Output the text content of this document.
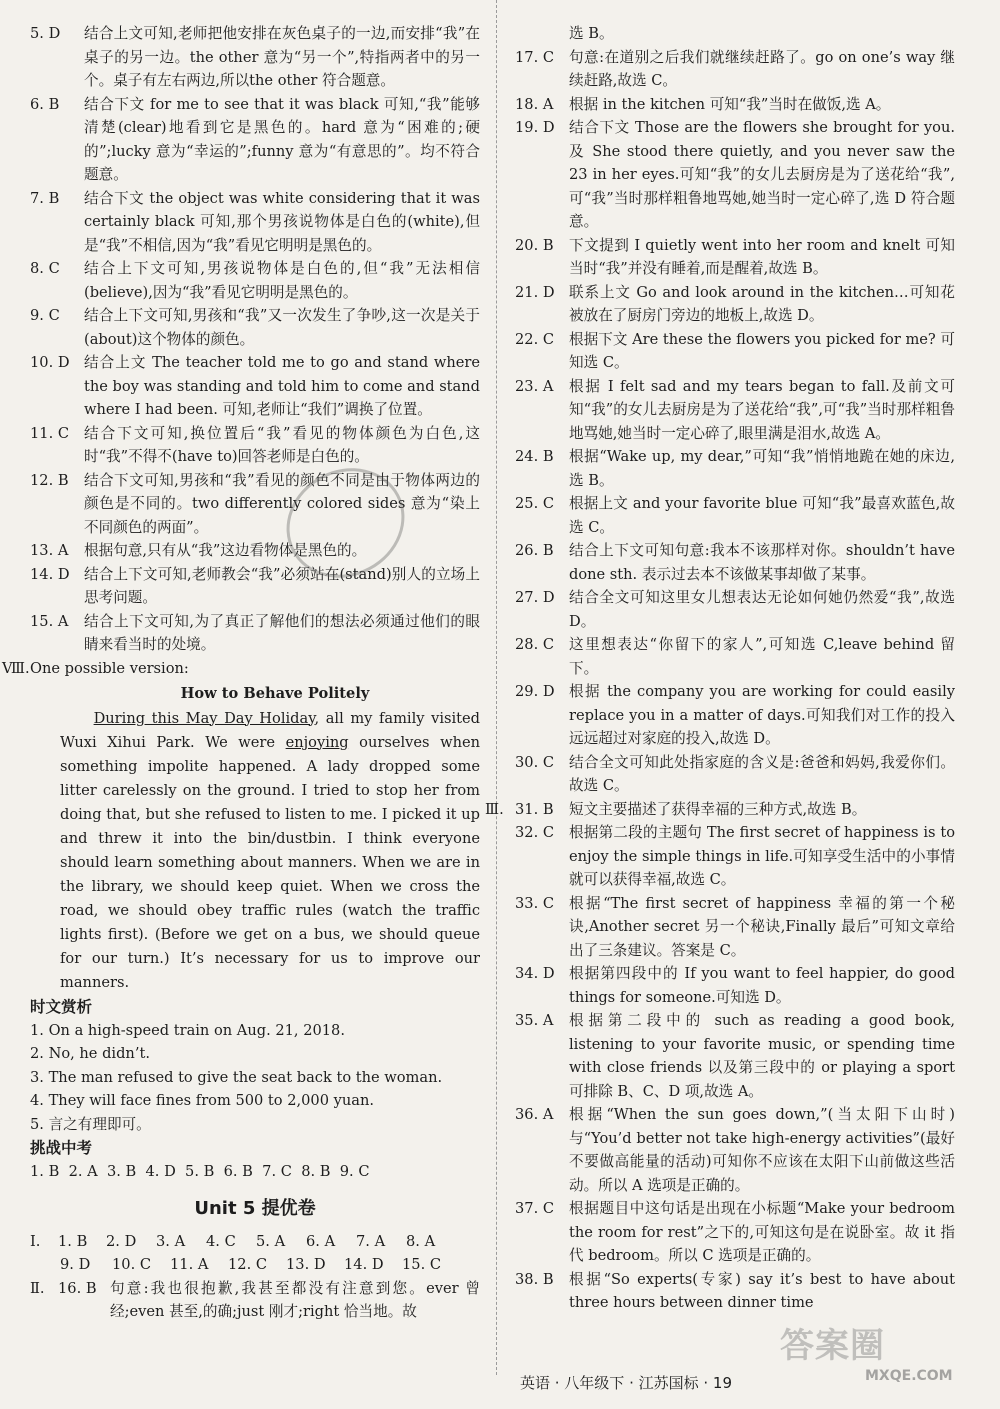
5. D	结合上文可知,老师把他安排在灰色桌子的一边,而安排“我”在桌子的另一边。the other 意为“另一个”,特指两者中的另一个。桌子有左右两边,所以the other 符合题意。
6. B	结合下文 for me to see that it was black 可知,“我”能够清楚(clear)地看到它是黑色的。hard 意为“困难的;硬的”;lucky 意为“幸运的”;funny 意为“有意思的”。均不符合题意。
7. B	结合下文 the object was white considering that it was certainly black 可知,那个男孩说物体是白色的(white),但是“我”不相信,因为“我”看见它明明是黑色的。
8. C	结合上下文可知,男孩说物体是白色的,但“我”无法相信(believe),因为“我”看见它明明是黑色的。
9. C	结合上下文可知,男孩和“我”又一次发生了争吵,这一次是关于(about)这个物体的颜色。
10. D 结合上文 The teacher told me to go and stand where the boy was standing and told him to come and stand where I had been. 可知,老师让“我们”调换了位置。
11. C	结合下文可知,换位置后“我”看见的物体颜色为白色,这时“我”不得不(have to)回答老师是白色的。
12. B	结合下文可知,男孩和“我”看见的颜色不同是由于物体两边的颜色是不同的。two differently colored sides 意为“染上不同颜色的两面”。
13. A	根据句意,只有从“我”这边看物体是黑色的。
14. D 结合上下文可知,老师教会“我”必须站在(stand)别人的立场上思考问题。
15. A	结合上下文可知,为了真正了解他们的想法必须通过他们的眼睛来看当时的处境。
Ⅷ. One possible version:
How to Behave Politely
During this May Day Holiday, all my family visited Wuxi Xihui Park. We were enjoying ourselves when something impolite happened. A lady dropped some litter carelessly on the ground. I tried to stop her from doing that, but she refused to listen to me. I picked it up and threw it into the bin/dustbin. I think everyone should learn something about manners. When we are in the library, we should keep quiet. When we cross the road, we should obey traffic rules (watch the traffic lights first). (Before we get on a bus, we should queue for our turn.) It’s necessary for us to improve our manners.
时文赏析
1. On a high-speed train on Aug. 21, 2018.
2. No, he didn’t.
3. The man refused to give the seat back to the woman.
4. They will face fines from 500 to 2,000 yuan.
5. 言之有理即可。
挑战中考
1. B  2. A  3. B  4. D  5. B  6. B  7. C  8. B  9. C
Unit 5 提优卷
Ⅰ. 1. B 2. D 3. A 4. C 5. A 6. A 7. A 8. A
9. D 10. C 11. A 12. C 13. D 14. D 15. C
Ⅱ. 16. B 句意:我也很抱歉,我甚至都没有注意到您。ever 曾经;even 甚至,的确;just 刚才;right 恰当地。故
选 B。
17. C	句意:在道别之后我们就继续赶路了。go on one’s way 继续赶路,故选 C。
18. A	根据 in the kitchen 可知“我”当时在做饭,选 A。
19. D 结合下文 Those are the flowers she brought for you.及 She stood there quietly, and you never saw the 23 in her eyes.可知“我”的女儿去厨房是为了送花给“我”,可“我”当时那样粗鲁地骂她,她当时一定心碎了,选 D 符合题意。
20. B	下文提到 I quietly went into her room and knelt 可知当时“我”并没有睡着,而是醒着,故选 B。
21. D 联系上文 Go and look around in the kitchen…可知花被放在了厨房门旁边的地板上,故选 D。
22. C	根据下文 Are these the flowers you picked for me? 可知选 C。
23. A	根据 I felt sad and my tears began to fall.及前文可知“我”的女儿去厨房是为了送花给“我”,可“我”当时那样粗鲁地骂她,她当时一定心碎了,眼里满是泪水,故选 A。
24. B	根据“Wake up, my dear,”可知“我”悄悄地跪在她的床边,选 B。
25. C	根据上文 and your favorite blue 可知“我”最喜欢蓝色,故选 C。
26. B	结合上下文可知句意:我本不该那样对你。shouldn’t have done sth. 表示过去本不该做某事却做了某事。
27. D 结合全文可知这里女儿想表达无论如何她仍然爱“我”,故选 D。
28. C	这里想表达“你留下的家人”,可知选 C,leave behind 留下。
29. D 根据 the company you are working for could easily replace you in a matter of days.可知我们对工作的投入远远超过对家庭的投入,故选 D。
30. C	结合全文可知此处指家庭的含义是:爸爸和妈妈,我爱你们。故选 C。
Ⅲ. 31. B	短文主要描述了获得幸福的三种方式,故选 B。
32. C	根据第二段的主题句 The first secret of happiness is to enjoy the simple things in life.可知享受生活中的小事情就可以获得幸福,故选 C。
33. C	根据“The first secret of happiness 幸福的第一个秘诀,Another secret 另一个秘诀,Finally 最后”可知文章给出了三条建议。答案是 C。
34. D 根据第四段中的 If you want to feel happier, do good things for someone.可知选 D。
35. A	根据第二段中的 such as reading a good book, listening to your favorite music, or spending time with close friends 以及第三段中的 or playing a sport 可排除 B、C、D 项,故选 A。
36. A	根据“When the sun goes down,”(当太阳下山时)与“You’d better not take high-energy activities”(最好不要做高能量的活动)可知你不应该在太阳下山前做这些活动。所以 A 选项是正确的。
37. C	根据题目中这句话是出现在小标题“Make your bedroom the room for rest”之下的,可知这句是在说卧室。故 it 指代 bedroom。所以 C 选项是正确的。
38. B	根据“So experts(专家) say it’s best to have about three hours between dinner time
答案圈
MXQE.COM
英语 · 八年级下 · 江苏国标 · 19
